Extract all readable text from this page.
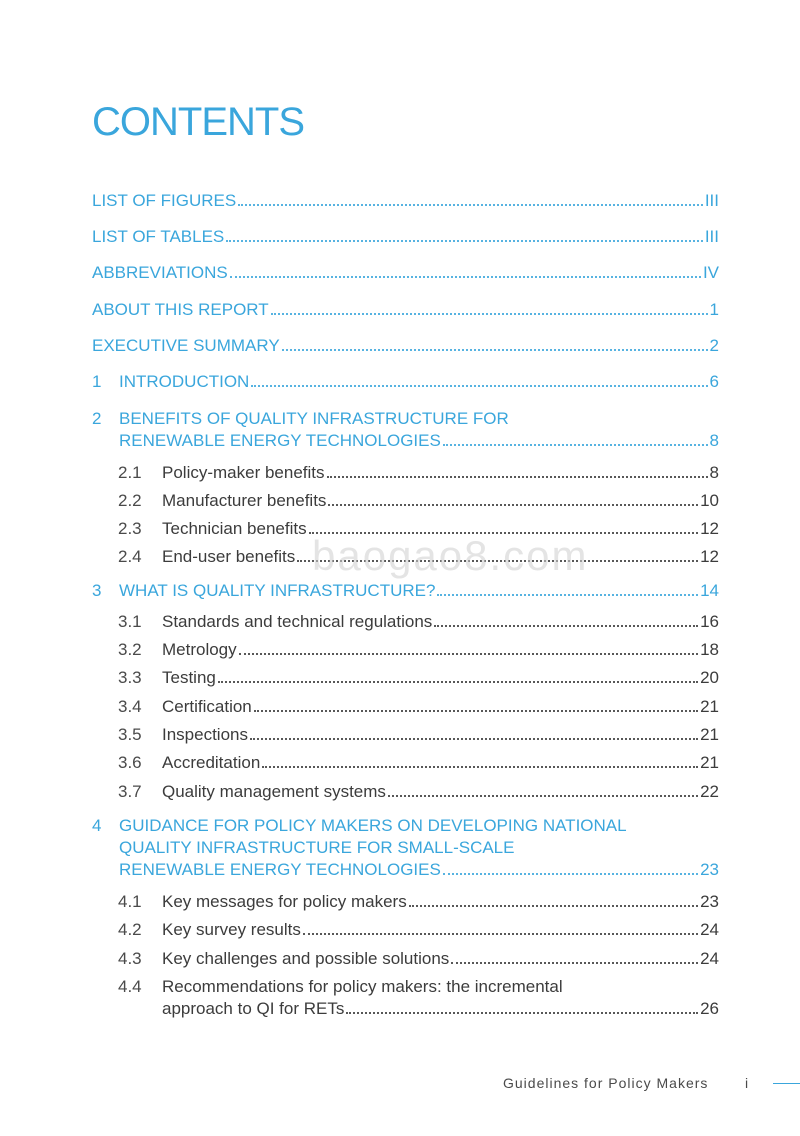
CONTENTS
LIST OF FIGURES	III
LIST OF TABLES	III
ABBREVIATIONS	IV
ABOUT THIS REPORT	1
EXECUTIVE SUMMARY	2
1 INTRODUCTION	6
2 BENEFITS OF QUALITY INFRASTRUCTURE FOR
RENEWABLE ENERGY TECHNOLOGIES	8
2.1 Policy-maker benefits	8
2.2 Manufacturer benefits	10
2.3 Technician benefits	12
2.4 End-user benefits	12
3 WHAT IS QUALITY INFRASTRUCTURE?	14
3.1 Standards and technical regulations	16
3.2 Metrology	18
3.3 Testing	20
3.4 Certification	21
3.5 Inspections	21
3.6 Accreditation	21
3.7 Quality management systems	22
4 GUIDANCE FOR POLICY MAKERS ON DEVELOPING NATIONAL
QUALITY INFRASTRUCTURE FOR SMALL-SCALE
RENEWABLE ENERGY TECHNOLOGIES	23
4.1 Key messages for policy makers	23
4.2 Key survey results	24
4.3 Key challenges and possible solutions	24
4.4 Recommendations for policy makers: the incremental
approach to QI for RETs	26
baogao8.com
Guidelines for Policy Makers	i
